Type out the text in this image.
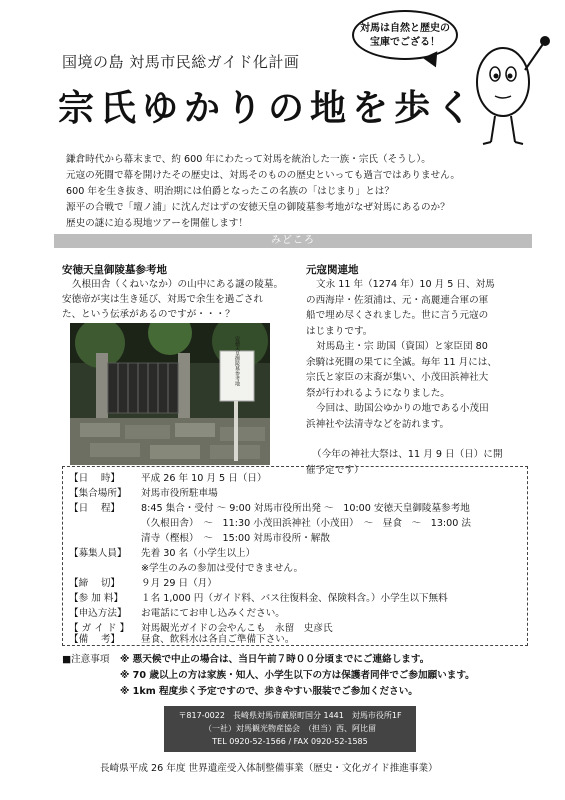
国境の島 対馬市民総ガイド化計画
宗氏ゆかりの地を歩く
対馬は自然と歴史の
宝庫でござる！
鎌倉時代から幕末まで、約 600 年にわたって対馬を統治した一族・宗氏（そうし）。
元寇の死闘で幕を開けたその歴史は、対馬そのものの歴史といっても過言ではありません。
600 年を生き抜き、明治期には伯爵となったこの名族の「はじまり」とは？
源平の合戦で「壇ノ浦」に沈んだはずの安徳天皇の御陵墓参考地がなぜ対馬にあるのか？
歴史の謎に迫る現地ツアーを開催します！
みどころ
安徳天皇御陵墓参考地
久根田舎（くねいなか）の山中にある謎の陵墓。
安徳帝が実は生き延び、対馬で余生を過ごされ
た、という伝承があるのですが・・・？
安徳天皇御陵墓参考地
元寇関連地
文永 11 年（1274 年）10 月 5 日、対馬
の西海岸・佐須浦は、元・高麗連合軍の軍
船で埋め尽くされました。世に言う元寇の
はじまりです。
対馬島主・宗 助国（資国）と家臣団 80
余騎は死闘の果てに全滅。毎年 11 月には、
宗氏と家臣の末裔が集い、小茂田浜神社大
祭が行われるようになりました。
今回は、助国公ゆかりの地である小茂田
浜神社や法清寺などを訪れます。
（今年の神社大祭は、11 月 9 日（日）に開
催予定です）
【日　 時】 平成 26 年 10 月 5 日（日）
【集合場所】 対馬市役所駐車場
【日　 程】 8:45 集合・受付 〜 9:00 対馬市役所出発 〜　10:00 安徳天皇御陵墓参考地
（久根田舎）　〜　11:30 小茂田浜神社（小茂田）　〜　昼食　〜　13:00 法
清寺（樫根）　〜　15:00 対馬市役所・解散
【募集人員】 先着 30 名（小学生以上）
※学生のみの参加は受付できません。
【締　 切】 ９月 29 日（月）
【参 加 料】 １名 1,000 円（ガイド料、バス往復料金、保険料含。）小学生以下無料
【申込方法】 お電話にてお申し込みください。
【 ガ イ ド 】 対馬観光ガイドの会やんこも　永留　史彦氏
【備　 考】 昼食、飲料水は各自ご準備下さい。
■注意事項 ※ 悪天候で中止の場合は、当日午前７時００分頃までにご連絡します。
※ 70 歳以上の方は家族・知人、小学生以下の方は保護者同伴でご参加願います。
※ 1km 程度歩く予定ですので、歩きやすい服装でご参加ください。
〒817-0022　長崎県対馬市厳原町国分 1441　対馬市役所1F
（一社）対馬観光物産協会　（担当）西、阿比留
TEL 0920-52-1566 / FAX 0920-52-1585
長崎県平成 26 年度 世界遺産受入体制整備事業（歴史・文化ガイド推進事業）
